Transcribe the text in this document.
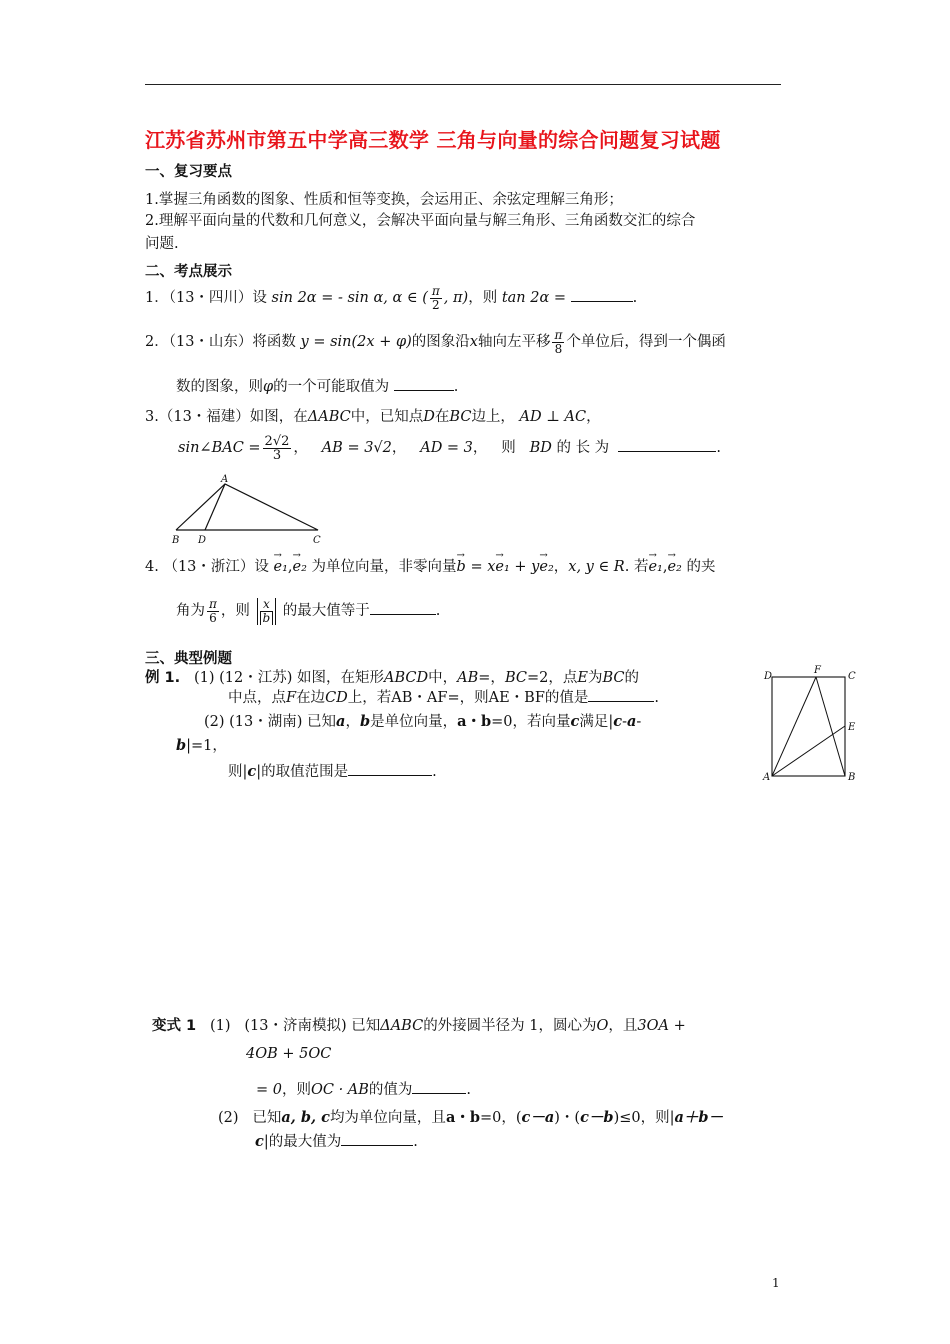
江苏省苏州市第五中学高三数学 三角与向量的综合问题复习试题
一、复习要点
1.掌握三角函数的图象、性质和恒等变换，会运用正、余弦定理解三角形；
2.理解平面向量的代数和几何意义，会解决平面向量与解三角形、三角函数交汇的综合
问题.
二、考点展示
1．（13・四川）设 sin 2α = - sin α, α ∈ ( $\frac{\pi}{2}$ , π)，则 tan 2α =	.
2．（13・山东）将函数 y = sin(2x + φ)的图象沿x轴向左平移 $\frac{\pi}{8}$ 个单位后，得到一个偶函
数的图象，则φ的一个可能取值为	.
3.（13・福建）如图，在ΔABC中，已知点D在BC边上， AD ⊥ AC，
sin∠BAC = $\frac{2√2}{3}$ ，   AB = 3√2，   AD = 3，   则 BD 的 长 为	.
A
B D	C
4. （13・浙江）设 → e₁,→ e₂ 为单位向量，非零向量→ b = x→ e₁ + y→ e₂，x, y ∈ R. 若→ e₁,→ e₂ 的夹
角为 $\frac{\pi}{6}$ ，则 $\frac{x}{b}$ 的最大值等于	.
三、典型例题
例 1. (1) (12・江苏) 如图，在矩形ABCD中，AB=，BC=2，点E为BC的
中点，点F在边CD上，若AB・AF=，则AE・BF的值是	.
(2) (13・湖南) 已知a，b是单位向量，a・b=0，若向量c满足|c-a-
b|=1，
则|c|的取值范围是	.
D
F
C
E
A	B
变式 1 (1) (13・济南模拟) 已知ΔABC的外接圆半径为 1，圆心为O，且3OA +
4OB + 5OC
= 0，则OC · AB的值为	.
(2) 已知a, b, c均为单位向量，且a・b=0，(c－a)・(c－b)≤0，则|a＋b－
c|的最大值为	.
1
